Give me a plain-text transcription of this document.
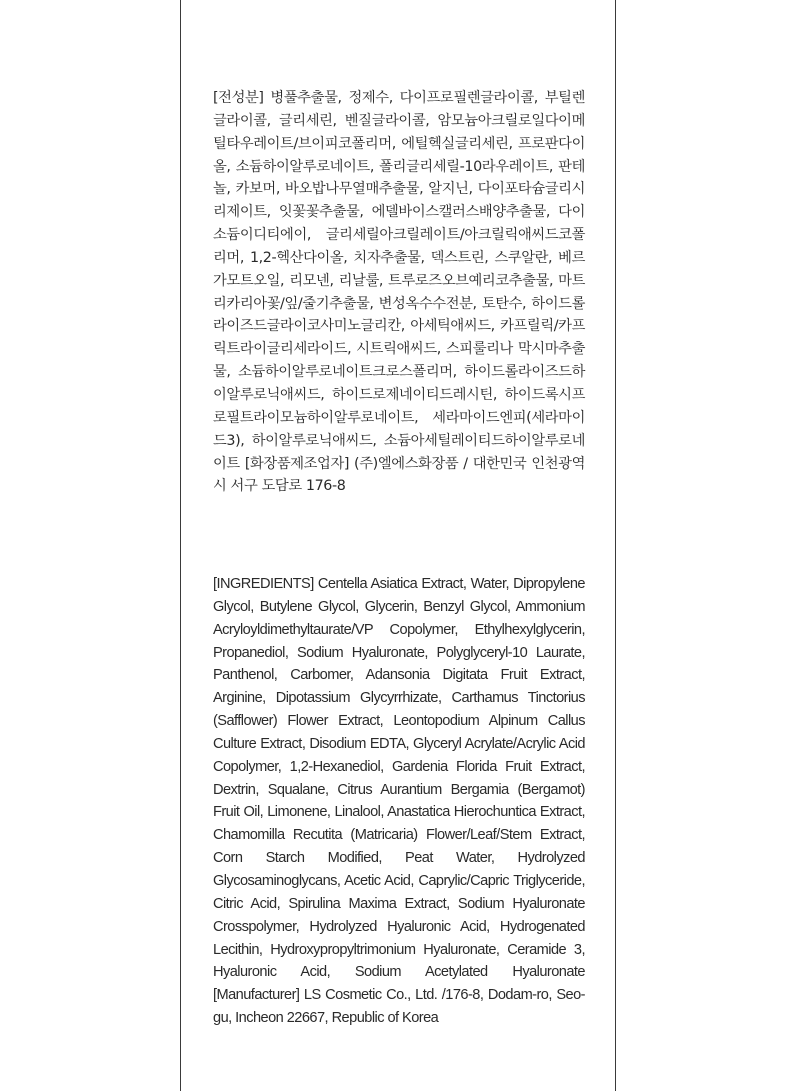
[전성분] 병풀추출물, 정제수, 다이프로필렌글라이콜, 부틸렌글라이콜, 글리세린, 벤질글라이콜, 암모늄아크릴로일다이메틸타우레이트/브이피코폴리머, 에틸헥실글리세린, 프로판다이올, 소듐하이알루로네이트, 폴리글리세릴-10라우레이트, 판테놀, 카보머, 바오밥나무열매추출물, 알지닌, 다이포타슘글리시리제이트, 잇꽃꽃추출물, 에델바이스캘러스배양추출물, 다이소듐이디티에이, 글리세릴아크릴레이트/아크릴릭애씨드코폴리머, 1,2-헥산다이올, 치자추출물, 덱스트린, 스쿠알란, 베르가모트오일, 리모넨, 리날룰, 트루로즈오브예리코추출물, 마트리카리아꽃/잎/줄기추출물, 변성옥수수전분, 토탄수, 하이드롤라이즈드글라이코사미노글리칸, 아세틱애씨드, 카프릴릭/카프릭트라이글리세라이드, 시트릭애씨드, 스피룰리나 막시마추출물, 소듐하이알루로네이트크로스폴리머, 하이드롤라이즈드하이알루로닉애씨드, 하이드로제네이티드레시틴, 하이드록시프로필트라이모늄하이알루로네이트, 세라마이드엔피(세라마이드3), 하이알루로닉애씨드, 소듐아세틸레이티드하이알루로네이트 [화장품제조업자] (주)엘에스화장품 / 대한민국 인천광역시 서구 도담로 176-8
[INGREDIENTS] Centella Asiatica Extract, Water, Dipropylene Glycol, Butylene Glycol, Glycerin, Benzyl Glycol, Ammonium Acryloyldimethyltaurate/VP Copolymer, Ethylhexylglycerin, Propanediol, Sodium Hyaluronate, Polyglyceryl-10 Laurate, Panthenol, Carbomer, Adansonia Digitata Fruit Extract, Arginine, Dipotassium Glycyrrhizate, Carthamus Tinctorius (Safflower) Flower Extract, Leontopodium Alpinum Callus Culture Extract, Disodium EDTA, Glyceryl Acrylate/Acrylic Acid Copolymer, 1,2-Hexanediol, Gardenia Florida Fruit Extract, Dextrin, Squalane, Citrus Aurantium Bergamia (Bergamot) Fruit Oil, Limonene, Linalool, Anastatica Hierochuntica Extract, Chamomilla Recutita (Matricaria) Flower/Leaf/Stem Extract, Corn Starch Modified, Peat Water, Hydrolyzed Glycosaminoglycans, Acetic Acid, Caprylic/Capric Triglyceride, Citric Acid, Spirulina Maxima Extract, Sodium Hyaluronate Crosspolymer, Hydrolyzed Hyaluronic Acid, Hydrogenated Lecithin, Hydroxypropyltrimonium Hyaluronate, Ceramide 3, Hyaluronic Acid, Sodium Acetylated Hyaluronate [Manufacturer] LS Cosmetic Co., Ltd. /176-8, Dodam-ro, Seo-gu, Incheon 22667, Republic of Korea
